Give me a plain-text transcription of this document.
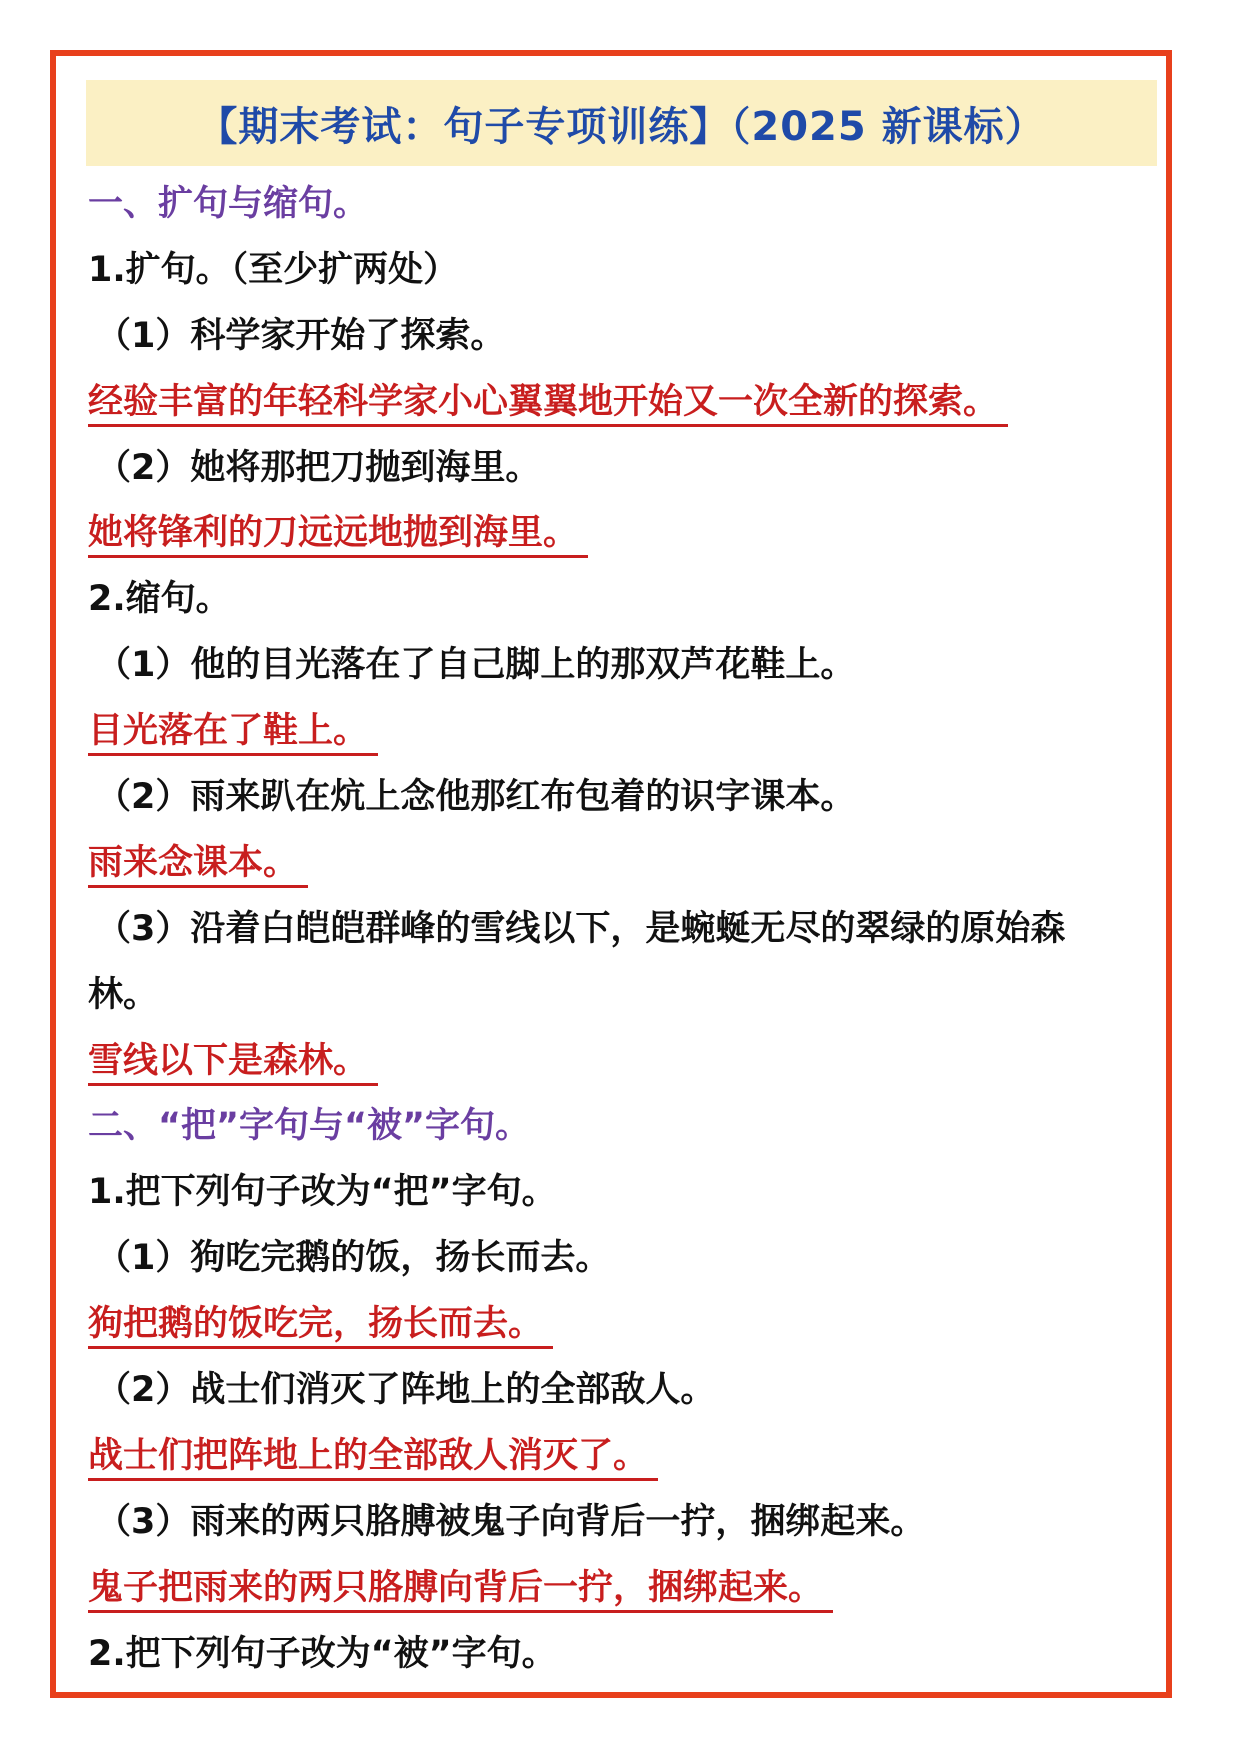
【期末考试：句子专项训练】（2025 新课标）
一、扩句与缩句。
1.扩句。（至少扩两处）
（1）科学家开始了探索。
经验丰富的年轻科学家小心翼翼地开始又一次全新的探索。
（2）她将那把刀抛到海里。
她将锋利的刀远远地抛到海里。
2.缩句。
（1）他的目光落在了自己脚上的那双芦花鞋上。
目光落在了鞋上。
（2）雨来趴在炕上念他那红布包着的识字课本。
雨来念课本。
（3）沿着白皑皑群峰的雪线以下，是蜿蜒无尽的翠绿的原始森
林。
雪线以下是森林。
二、“把”字句与“被”字句。
1.把下列句子改为“把”字句。
（1）狗吃完鹅的饭，扬长而去。
狗把鹅的饭吃完，扬长而去。
（2）战士们消灭了阵地上的全部敌人。
战士们把阵地上的全部敌人消灭了。
（3）雨来的两只胳膊被鬼子向背后一拧，捆绑起来。
鬼子把雨来的两只胳膊向背后一拧，捆绑起来。
2.把下列句子改为“被”字句。
